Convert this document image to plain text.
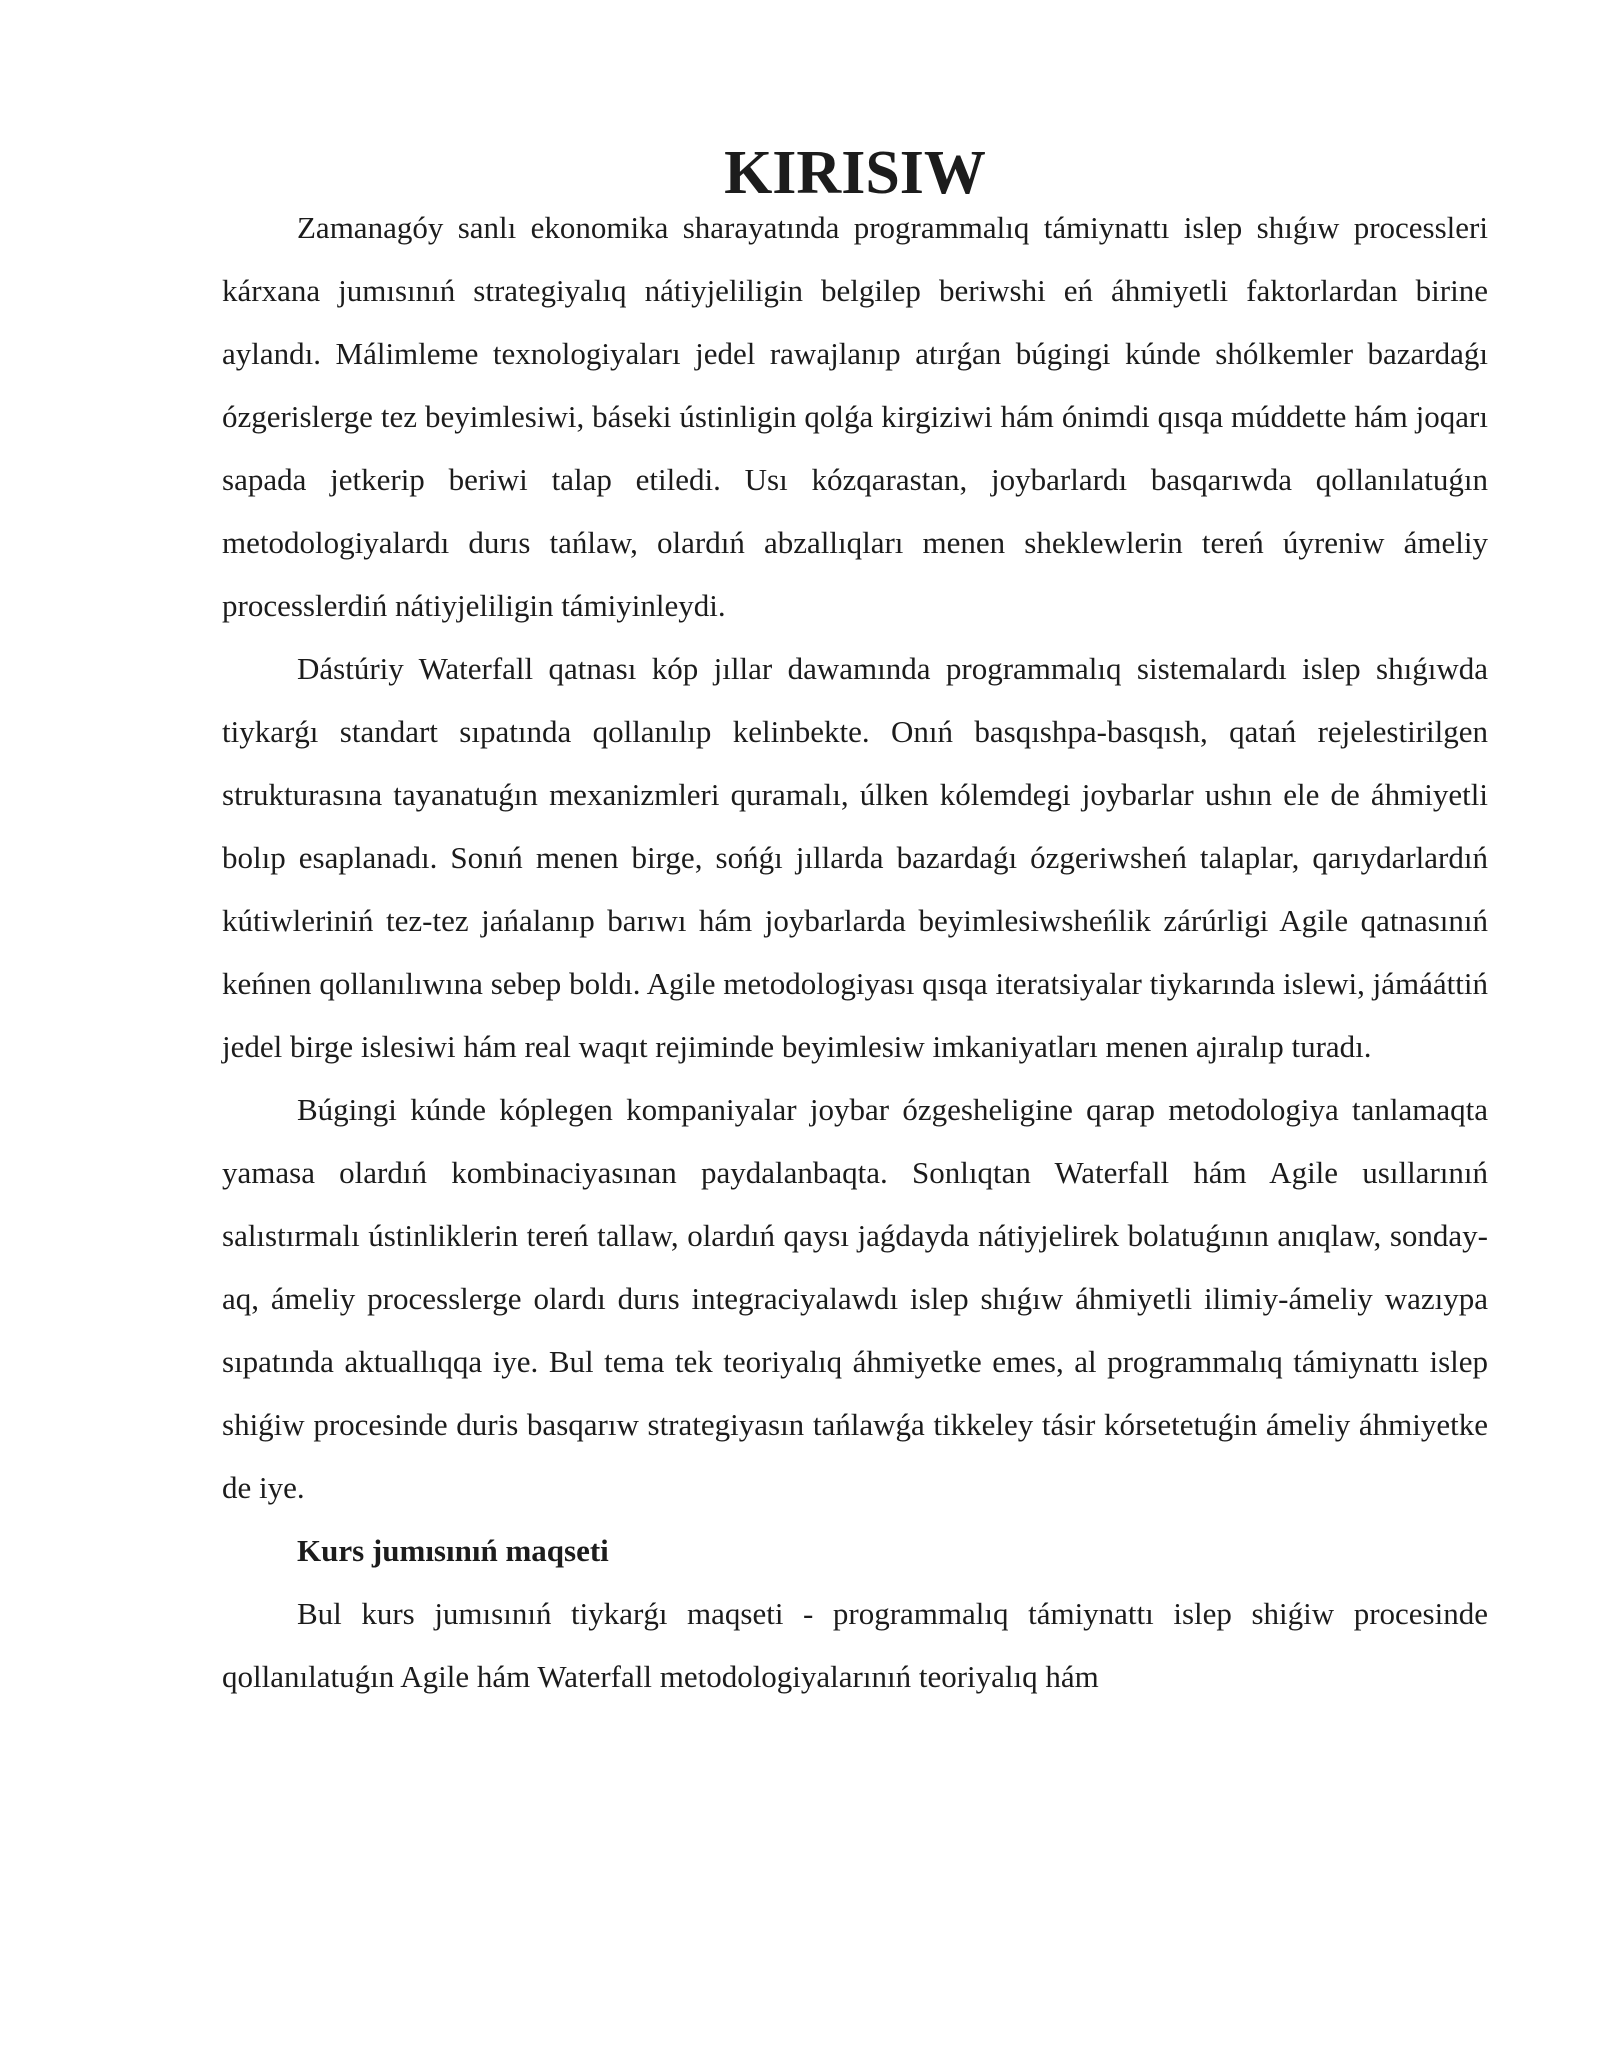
KIRISIW

Zamanagóy sanlı ekonomika sharayatında programmalıq támiynattı islep shıǵıw processleri kárxana jumısınıń strategiyalıq nátiyjeliligin belgilep beriwshi eń áhmiyetli faktorlardan birine aylandı. Málimleme texnologiyaları jedel rawajlanıp atırǵan búgingi kúnde shólkemler bazardaǵı ózgerislerge tez beyimlesiwi, báseki ústinligin qolǵa kirgiziwi hám ónimdi qısqa múddette hám joqarı sapada jetkerip beriwi talap etiledi. Usı kózqarastan, joybarlardı basqarıwda qollanılatuǵın metodologiyalardı durıs tańlaw, olardıń abzallıqları menen sheklewlerin tereń úyreniw ámeliy processlerdiń nátiyjeliligin támiyinleydi.

Dástúriy Waterfall qatnası kóp jıllar dawamında programmalıq sistemalardı islep shıǵıwda tiykarǵı standart sıpatında qollanılıp kelinbekte. Onıń basqıshpa-basqısh, qatań rejelestirilgen strukturasına tayanatuǵın mexanizmleri quramalı, úlken kólemdegi joybarlar ushın ele de áhmiyetli bolıp esaplanadı. Sonıń menen birge, sońǵı jıllarda bazardaǵı ózgeriwsheń talaplar, qarıydarlardıń kútiwleriniń tez-tez jańalanıp barıwı hám joybarlarda beyimlesiwsheńlik zárúrligi Agile qatnasınıń keńnen qollanılıwına sebep boldı. Agile metodologiyası qısqa iteratsiyalar tiykarında islewi, jámááttiń jedel birge islesiwi hám real waqıt rejiminde beyimlesiw imkaniyatları menen ajıralıp turadı.

Búgingi kúnde kóplegen kompaniyalar joybar ózgesheligine qarap metodologiya tanlamaqta yamasa olardıń kombinaciyasınan paydalanbaqta. Sonlıqtan Waterfall hám Agile usıllarınıń salıstırmalı ústinliklerin tereń tallaw, olardıń qaysı jaǵdayda nátiyjelirek bolatuǵının anıqlaw, sonday-aq, ámeliy processlerge olardı durıs integraciyalawdı islep shıǵıw áhmiyetli ilimiy-ámeliy wazıypa sıpatında aktuallıqqa iye. Bul tema tek teoriyalıq áhmiyetke emes, al programmalıq támiynattı islep shiǵiw procesinde duris basqarıw strategiyasın tańlawǵa tikkeley tásir kórsetetuǵin ámeliy áhmiyetke de iye.

Kurs jumısınıń maqseti

Bul kurs jumısınıń tiykarǵı maqseti - programmalıq támiynattı islep shiǵiw procesinde qollanılatuǵın Agile hám Waterfall metodologiyalarınıń teoriyalıq hám
